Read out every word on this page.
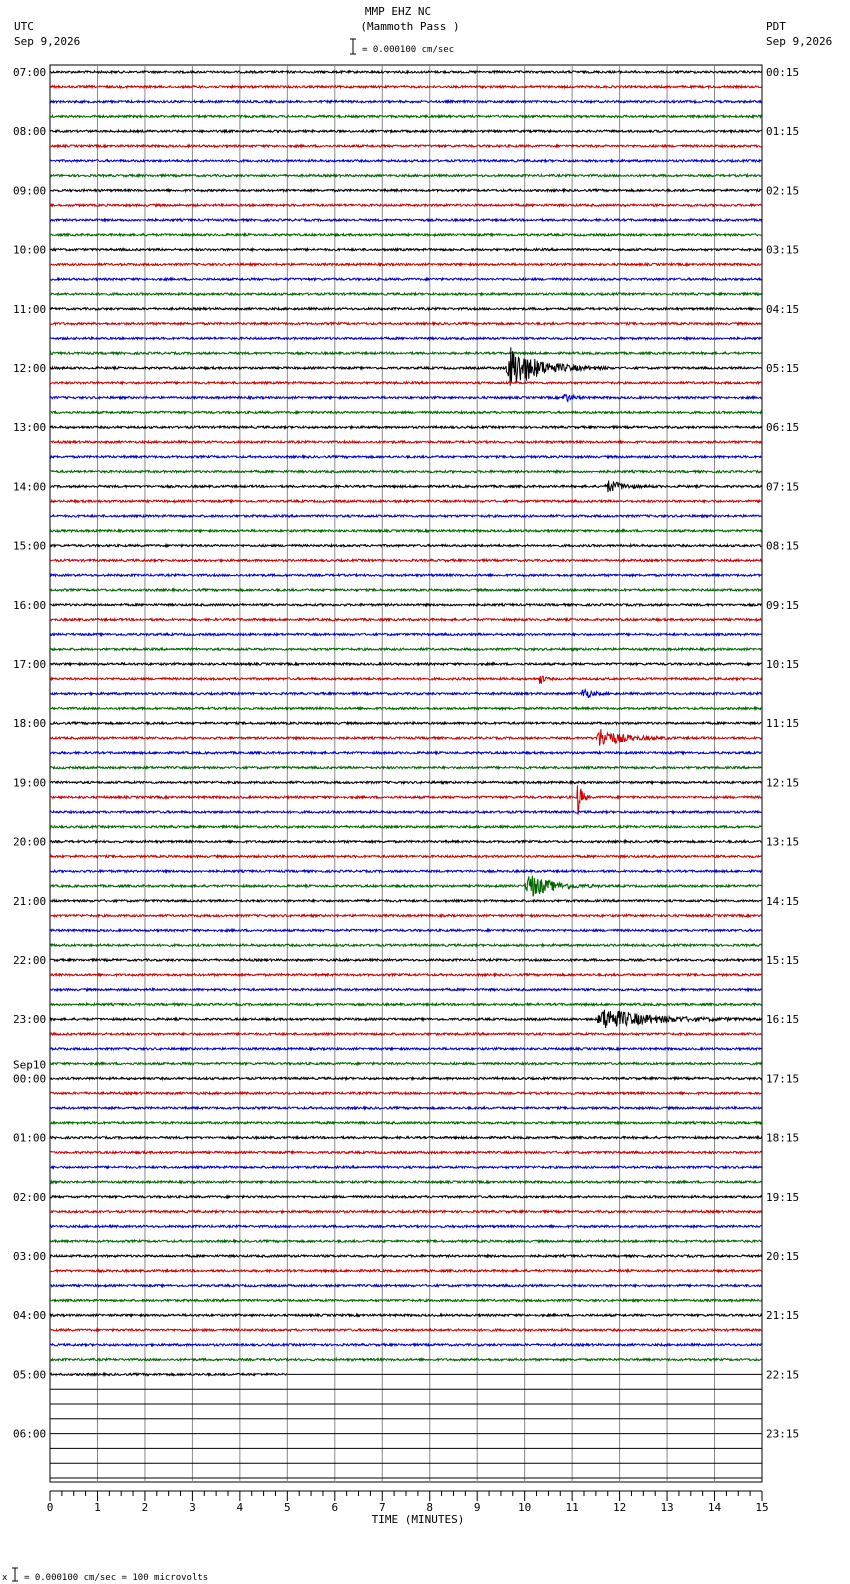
MMP EHZ NC
(Mammoth Pass )
UTC
Sep 9,2026
PDT
Sep 9,2026
= 0.000100 cm/sec
07:00
08:00
09:00
10:00
11:00
12:00
13:00
14:00
15:00
16:00
17:00
18:00
19:00
20:00
21:00
22:00
23:00
00:00
Sep10
01:00
02:00
03:00
04:00
05:00
06:00
00:15
01:15
02:15
03:15
04:15
05:15
06:15
07:15
08:15
09:15
10:15
11:15
12:15
13:15
14:15
15:15
16:15
17:15
18:15
19:15
20:15
21:15
22:15
23:15
0	1	2	3	4	5	6	7	8	9	10	11	12	13	14	15
TIME (MINUTES)
x = 0.000100 cm/sec = 100 microvolts
